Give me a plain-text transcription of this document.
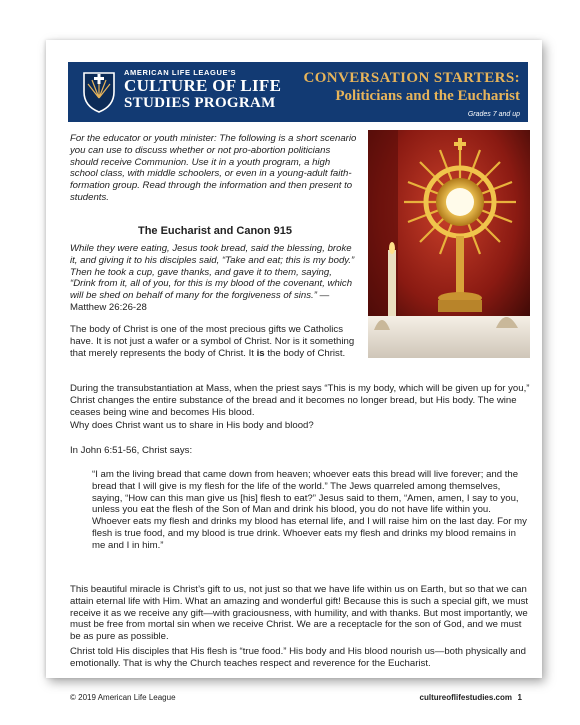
AMERICAN LIFE LEAGUE'S
CULTURE OF LIFE
STUDIES PROGRAM
CONVERSATION STARTERS:
Politicians and the Eucharist
Grades 7 and up
For the educator or youth minister: The following is a short scenario you can use to discuss whether or not pro-abortion politicians should receive Communion. Use it in a youth program, a high school class, with middle schoolers, or even in a young-adult faith-formation group. Read through the information and then present to students.
The Eucharist and Canon 915
While they were eating, Jesus took bread, said the blessing, broke it, and giving it to his disciples said, “Take and eat; this is my body.” Then he took a cup, gave thanks, and gave it to them, saying, “Drink from it, all of you, for this is my blood of the covenant, which will be shed on behalf of many for the forgiveness of sins.” — Matthew 26:26-28
The body of Christ is one of the most precious gifts we Catholics have. It is not just a wafer or a symbol of Christ. Nor is it something that merely represents the body of Christ. It is the body of Christ.
During the transubstantiation at Mass, when the priest says “This is my body, which will be given up for you,” Christ changes the entire substance of the bread and it becomes no longer bread, but His body. The wine ceases being wine and becomes His blood.
Why does Christ want us to share in His body and blood?
In John 6:51-56, Christ says:
“I am the living bread that came down from heaven; whoever eats this bread will live forever; and the bread that I will give is my flesh for the life of the world.” The Jews quarreled among themselves, saying, “How can this man give us [his] flesh to eat?” Jesus said to them, “Amen, amen, I say to you, unless you eat the flesh of the Son of Man and drink his blood, you do not have life within you. Whoever eats my flesh and drinks my blood has eternal life, and I will raise him on the last day. For my flesh is true food, and my blood is true drink. Whoever eats my flesh and drinks my blood remains in me and I in him.”
This beautiful miracle is Christ’s gift to us, not just so that we have life within us on Earth, but so that we can attain eternal life with Him. What an amazing and wonderful gift! Because this is such a special gift, we must receive it as we receive any gift—with graciousness, with humility, and with thanks. But most importantly, we must be free from mortal sin when we receive Christ. We are a receptacle for the son of God, and we must be as pure as possible.
Christ told His disciples that His flesh is “true food.” His body and His blood nourish us—both physically and emotionally. That is why the Church teaches respect and reverence for the Eucharist.
© 2019 American Life League	cultureoflifestudies.com 1
